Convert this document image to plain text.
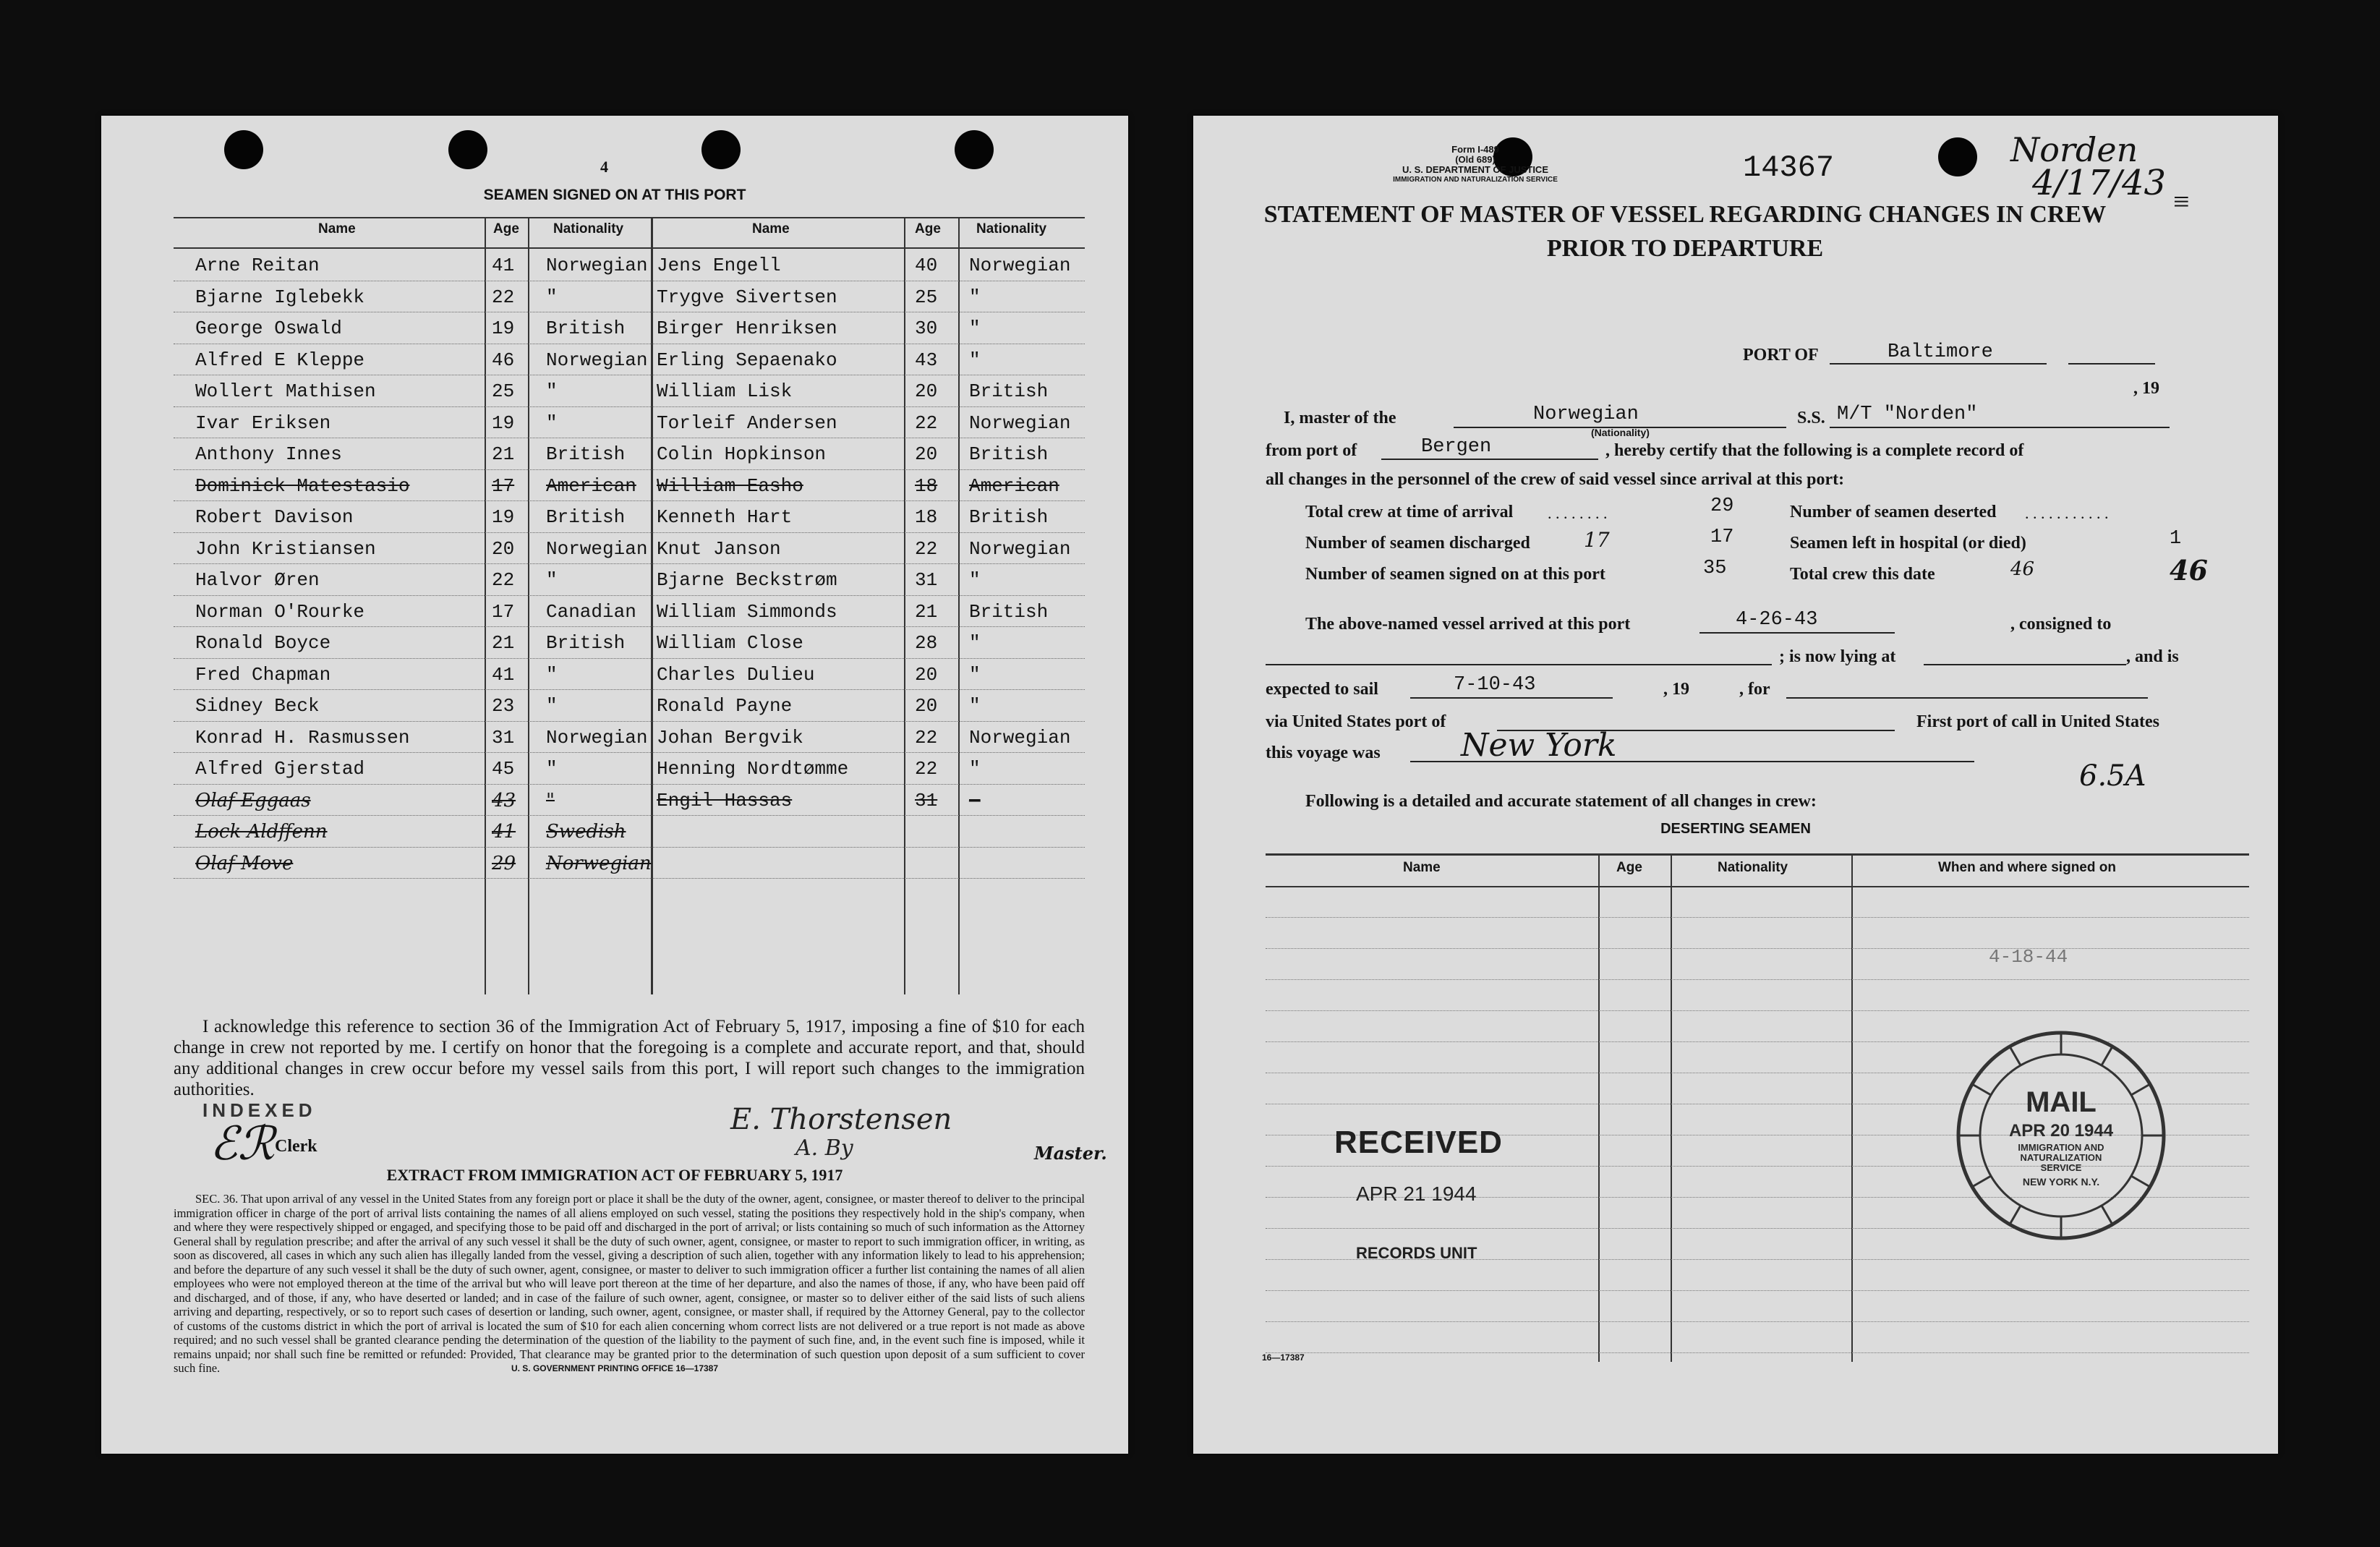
4
SEAMEN SIGNED ON AT THIS PORT
Name	Age Nationality	Name	Age	Nationality
Arne Reitan	41 Norwegian Jens Engell	40 Norwegian
Bjarne Iglebekk	22 "	Trygve Sivertsen	25 "
George Oswald	19 British Birger Henriksen	30 "
Alfred E Kleppe	46 Norwegian Erling Sepaenako	43 "
Wollert Mathisen	25 "	William Lisk	20 British
Ivar Eriksen	19 "	Torleif Andersen	22 Norwegian
Anthony Innes	21 British Colin Hopkinson	20 British
Dominick Matestasio	17 American William Easho	18 American
Robert Davison	19 British Kenneth Hart	18 British
John Kristiansen	20 Norwegian Knut Janson	22 Norwegian
Halvor Øren	22 "	Bjarne Beckstrøm	31 "
Norman O'Rourke	17 Canadian William Simmonds	21 British
Ronald Boyce	21 British William Close	28 "
Fred Chapman	41 "	Charles Dulieu	20 "
Sidney Beck	23 "	Ronald Payne	20 "
Konrad H. Rasmussen	31 Norwegian Johan Bergvik	22 Norwegian
Alfred Gjerstad	45 "	Henning Nordtømme	22 "
Olaf Eggaas	43 "	Engil Hassas	31 —
Lock Aldffenn	41 Swedish
Olaf Move	29 Norwegian
I acknowledge this reference to section 36 of the Immigration Act of February 5, 1917, imposing a fine of $10 for each change in crew not reported by me. I certify on honor that the foregoing is a complete and accurate report, and that, should any additional changes in crew occur before my vessel sails from this port, I will report such changes to the immigration authorities.
INDEXED
ℰℛ Clerk
E. Thorstensen
A. By	Master.
EXTRACT FROM IMMIGRATION ACT OF FEBRUARY 5, 1917
SEC. 36. That upon arrival of any vessel in the United States from any foreign port or place it shall be the duty of the owner, agent, consignee, or master thereof to deliver to the principal immigration officer in charge of the port of arrival lists containing the names of all aliens employed on such vessel, stating the positions they respectively hold in the ship's company, when and where they were respectively shipped or engaged, and specifying those to be paid off and discharged in the port of arrival; or lists containing so much of such information as the Attorney General shall by regulation prescribe; and after the arrival of any such vessel it shall be the duty of such owner, agent, consignee, or master to report to such immigration officer, in writing, as soon as discovered, all cases in which any such alien has illegally landed from the vessel, giving a description of such alien, together with any information likely to lead to his apprehension; and before the departure of any such vessel it shall be the duty of such owner, agent, consignee, or master to deliver to such immigration officer a further list containing the names of all alien employees who were not employed thereon at the time of the arrival but who will leave port thereon at the time of her departure, and also the names of those, if any, who have been paid off and discharged, and of those, if any, who have deserted or landed; and in case of the failure of such owner, agent, consignee, or master so to deliver either of the said lists of such aliens arriving and departing, respectively, or so to report such cases of desertion or landing, such owner, agent, consignee, or master shall, if required by the Attorney General, pay to the collector of customs of the customs district in which the port of arrival is located the sum of $10 for each alien concerning whom correct lists are not delivered or a true report is not made as above required; and no such vessel shall be granted clearance pending the determination of the question of the liability to the payment of such fine, and, in the event such fine is imposed, while it remains unpaid; nor shall such fine be remitted or refunded: Provided, That clearance may be granted prior to the determination of such question upon deposit of a sum sufficient to cover such fine.	U. S. GOVERNMENT PRINTING OFFICE 16—17387
Form I-489
(Old 689)
U. S. DEPARTMENT OF JUSTICE
IMMIGRATION AND NATURALIZATION SERVICE	14367	Norden
4/17/43 ≡
STATEMENT OF MASTER OF VESSEL REGARDING CHANGES IN CREW
PRIOR TO DEPARTURE
PORT OF	Baltimore
, 19
I, master of the	Norwegian
(Nationality)
S.S. M/T "Norden"
from port of	Bergen	, hereby certify that the following is a complete record of
all changes in the personnel of the crew of said vessel since arrival at this port:
Total crew at time of arrival . . . . . . . .	29	Number of seamen deserted . . . . . . . . . . .
Number of seamen discharged	17	17	Seamen left in hospital (or died)	1
Number of seamen signed on at this port	35	Total crew this date	46	46
The above-named vessel arrived at this port	4-26-43	, consigned to
; is now lying at	, and is
expected to sail	7-10-43	, 19	, for
via United States port of	First port of call in United States
this voyage was	New York
6.5A
Following is a detailed and accurate statement of all changes in crew:
DESERTING SEAMEN
Name	Age	Nationality	When and where signed on
4-18-44
RECEIVED
APR 21 1944
RECORDS UNIT
MAIL
APR 20 1944
IMMIGRATION AND NATURALIZATION SERVICE
NEW YORK N.Y.
16—17387
